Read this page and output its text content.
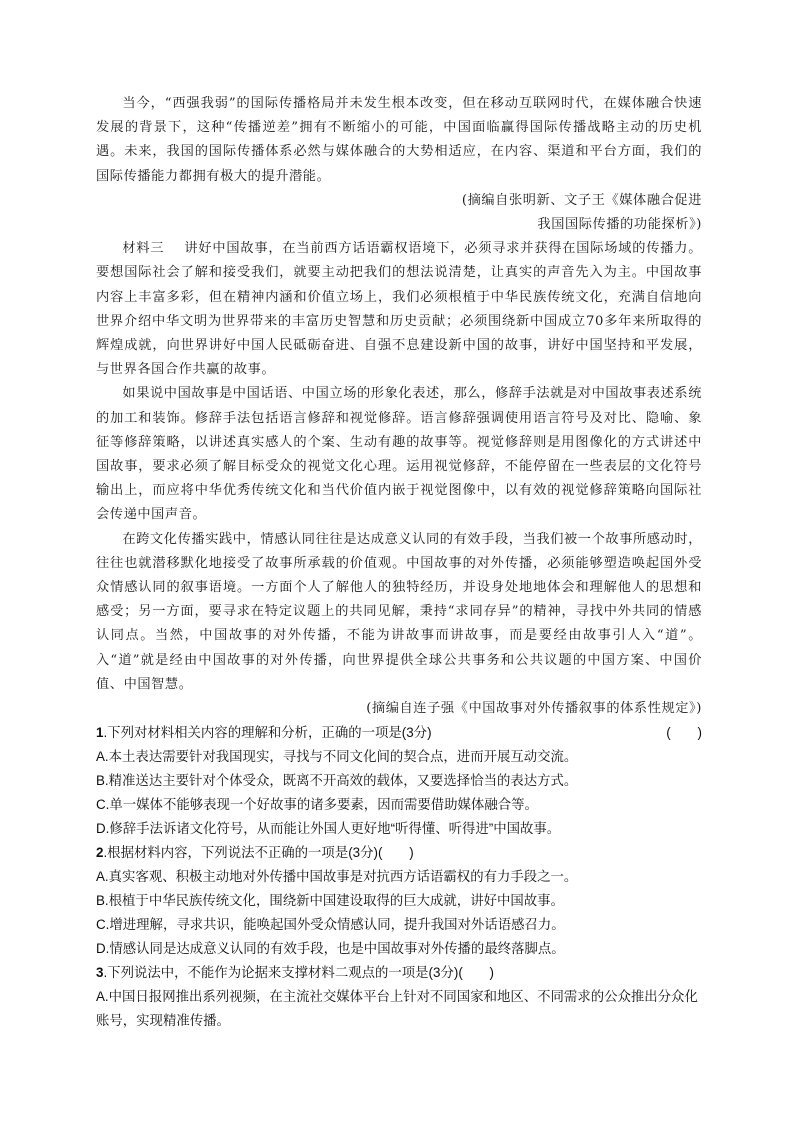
当今，“西强我弱”的国际传播格局并未发生根本改变，但在移动互联网时代，在媒体融合快速发展的背景下，这种“传播逆差”拥有不断缩小的可能，中国面临赢得国际传播战略主动的历史机遇。未来，我国的国际传播体系必然与媒体融合的大势相适应，在内容、渠道和平台方面，我们的国际传播能力都拥有极大的提升潜能。

(摘编自张明新、文子王《媒体融合促进

我国国际传播的功能探析》)

材料三 讲好中国故事，在当前西方话语霸权语境下，必须寻求并获得在国际场域的传播力。要想国际社会了解和接受我们，就要主动把我们的想法说清楚，让真实的声音先入为主。中国故事内容上丰富多彩，但在精神内涵和价值立场上，我们必须根植于中华民族传统文化，充满自信地向世界介绍中华文明为世界带来的丰富历史智慧和历史贡献；必须围绕新中国成立70多年来所取得的辉煌成就，向世界讲好中国人民砥砺奋进、自强不息建设新中国的故事，讲好中国坚持和平发展，与世界各国合作共赢的故事。

如果说中国故事是中国话语、中国立场的形象化表述，那么，修辞手法就是对中国故事表述系统的加工和装饰。修辞手法包括语言修辞和视觉修辞。语言修辞强调使用语言符号及对比、隐喻、象征等修辞策略，以讲述真实感人的个案、生动有趣的故事等。视觉修辞则是用图像化的方式讲述中国故事，要求必须了解目标受众的视觉文化心理。运用视觉修辞，不能停留在一些表层的文化符号输出上，而应将中华优秀传统文化和当代价值内嵌于视觉图像中，以有效的视觉修辞策略向国际社会传递中国声音。

在跨文化传播实践中，情感认同往往是达成意义认同的有效手段，当我们被一个故事所感动时，往往也就潜移默化地接受了故事所承载的价值观。中国故事的对外传播，必须能够塑造唤起国外受众情感认同的叙事语境。一方面个人了解他人的独特经历，并设身处地地体会和理解他人的思想和感受；另一方面，要寻求在特定议题上的共同见解，秉持“求同存异”的精神，寻找中外共同的情感认同点。当然，中国故事的对外传播，不能为讲故事而讲故事，而是要经由故事引人入“道”。入“道”就是经由中国故事的对外传播，向世界提供全球公共事务和公共议题的中国方案、中国价值、中国智慧。

(摘编自连子强《中国故事对外传播叙事的体系性规定》)

1.下列对材料相关内容的理解和分析，正确的一项是(3分)	(　　)

A.本土表达需要针对我国现实，寻找与不同文化间的契合点，进而开展互动交流。

B.精准送达主要针对个体受众，既离不开高效的载体，又要选择恰当的表达方式。

C.单一媒体不能够表现一个好故事的诸多要素，因而需要借助媒体融合等。

D.修辞手法诉诸文化符号，从而能让外国人更好地“听得懂、听得进”中国故事。

2.根据材料内容，下列说法不正确的一项是(3分)(　　)

A.真实客观、积极主动地对外传播中国故事是对抗西方话语霸权的有力手段之一。

B.根植于中华民族传统文化，围绕新中国建设取得的巨大成就，讲好中国故事。

C.增进理解，寻求共识，能唤起国外受众情感认同，提升我国对外话语感召力。

D.情感认同是达成意义认同的有效手段，也是中国故事对外传播的最终落脚点。

3.下列说法中，不能作为论据来支撑材料二观点的一项是(3分)(　　)

A.中国日报网推出系列视频，在主流社交媒体平台上针对不同国家和地区、不同需求的公众推出分众化账号，实现精准传播。
